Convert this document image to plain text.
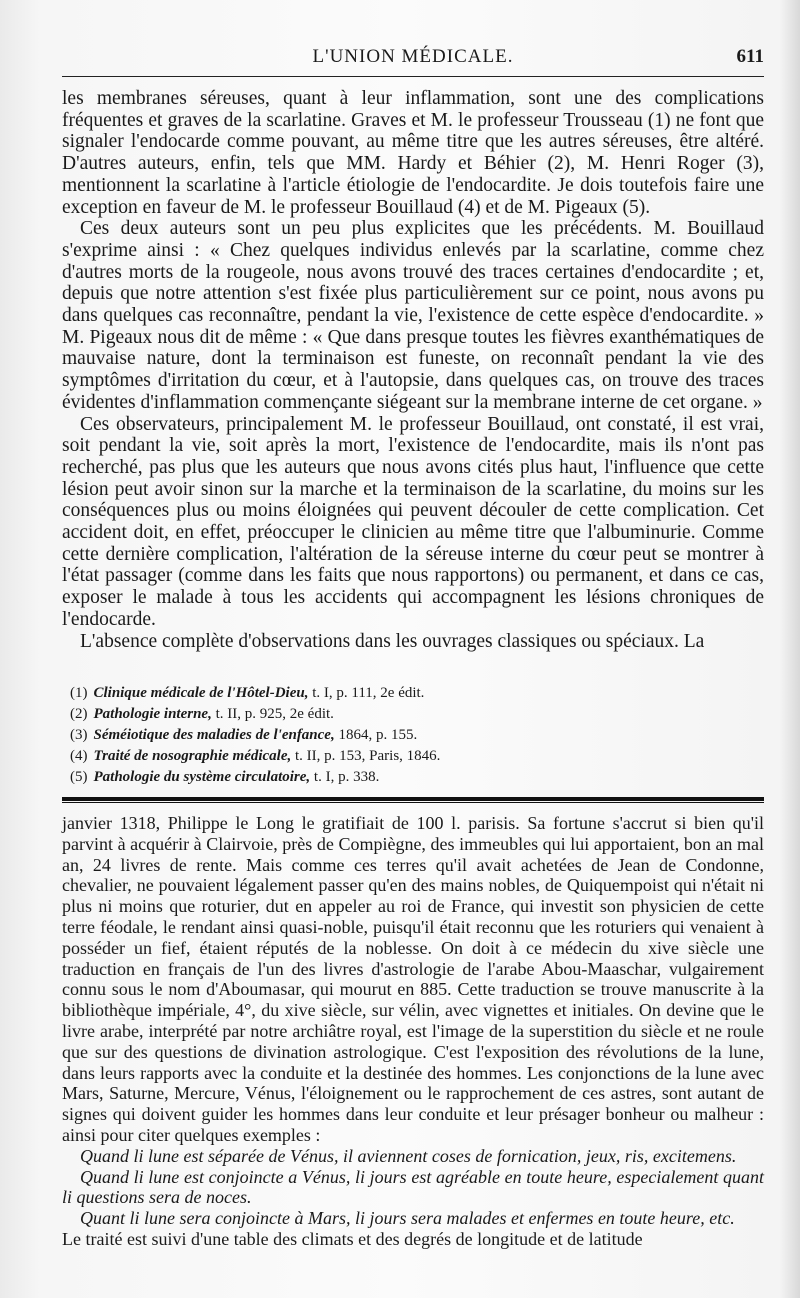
L'UNION MÉDICALE.	611

les membranes séreuses, quant à leur inflammation, sont une des complications fréquentes et graves de la scarlatine. Graves et M. le professeur Trousseau (1) ne font que signaler l'endocarde comme pouvant, au même titre que les autres séreuses, être altéré. D'autres auteurs, enfin, tels que MM. Hardy et Béhier (2), M. Henri Roger (3), mentionnent la scarlatine à l'article étiologie de l'endocardite. Je dois toutefois faire une exception en faveur de M. le professeur Bouillaud (4) et de M. Pigeaux (5).

Ces deux auteurs sont un peu plus explicites que les précédents. M. Bouillaud s'exprime ainsi : « Chez quelques individus enlevés par la scarlatine, comme chez d'autres morts de la rougeole, nous avons trouvé des traces certaines d'endocardite ; et, depuis que notre attention s'est fixée plus particulièrement sur ce point, nous avons pu dans quelques cas reconnaître, pendant la vie, l'existence de cette espèce d'endocardite. » M. Pigeaux nous dit de même : « Que dans presque toutes les fièvres exanthématiques de mauvaise nature, dont la terminaison est funeste, on reconnaît pendant la vie des symptômes d'irritation du cœur, et à l'autopsie, dans quelques cas, on trouve des traces évidentes d'inflammation commençante siégeant sur la membrane interne de cet organe. »

Ces observateurs, principalement M. le professeur Bouillaud, ont constaté, il est vrai, soit pendant la vie, soit après la mort, l'existence de l'endocardite, mais ils n'ont pas recherché, pas plus que les auteurs que nous avons cités plus haut, l'influence que cette lésion peut avoir sinon sur la marche et la terminaison de la scarlatine, du moins sur les conséquences plus ou moins éloignées qui peuvent découler de cette complication. Cet accident doit, en effet, préoccuper le clinicien au même titre que l'albuminurie. Comme cette dernière complication, l'altération de la séreuse interne du cœur peut se montrer à l'état passager (comme dans les faits que nous rapportons) ou permanent, et dans ce cas, exposer le malade à tous les accidents qui accompagnent les lésions chroniques de l'endocarde.

L'absence complète d'observations dans les ouvrages classiques ou spéciaux. La

(1) Clinique médicale de l'Hôtel-Dieu, t. I, p. 111, 2e édit.
(2) Pathologie interne, t. II, p. 925, 2e édit.
(3) Séméiotique des maladies de l'enfance, 1864, p. 155.
(4) Traité de nosographie médicale, t. II, p. 153, Paris, 1846.
(5) Pathologie du système circulatoire, t. I, p. 338.

janvier 1318, Philippe le Long le gratifiait de 100 l. parisis. Sa fortune s'accrut si bien qu'il parvint à acquérir à Clairvoie, près de Compiègne, des immeubles qui lui apportaient, bon an mal an, 24 livres de rente. Mais comme ces terres qu'il avait achetées de Jean de Condonne, chevalier, ne pouvaient légalement passer qu'en des mains nobles, de Quiquempoist qui n'était ni plus ni moins que roturier, dut en appeler au roi de France, qui investit son physicien de cette terre féodale, le rendant ainsi quasi-noble, puisqu'il était reconnu que les roturiers qui venaient à posséder un fief, étaient réputés de la noblesse. On doit à ce médecin du xive siècle une traduction en français de l'un des livres d'astrologie de l'arabe Abou-Maaschar, vulgairement connu sous le nom d'Aboumasar, qui mourut en 885. Cette traduction se trouve manuscrite à la bibliothèque impériale, 4°, du xive siècle, sur vélin, avec vignettes et initiales. On devine que le livre arabe, interprété par notre archiâtre royal, est l'image de la superstition du siècle et ne roule que sur des questions de divination astrologique. C'est l'exposition des révolutions de la lune, dans leurs rapports avec la conduite et la destinée des hommes. Les conjonctions de la lune avec Mars, Saturne, Mercure, Vénus, l'éloignement ou le rapprochement de ces astres, sont autant de signes qui doivent guider les hommes dans leur conduite et leur présager bonheur ou malheur : ainsi pour citer quelques exemples :

Quand li lune est séparée de Vénus, il aviennent coses de fornication, jeux, ris, excitemens.

Quand li lune est conjoincte a Vénus, li jours est agréable en toute heure, especialement quant li questions sera de noces.

Quant li lune sera conjoincte à Mars, li jours sera malades et enfermes en toute heure, etc.

Le traité est suivi d'une table des climats et des degrés de longitude et de latitude
